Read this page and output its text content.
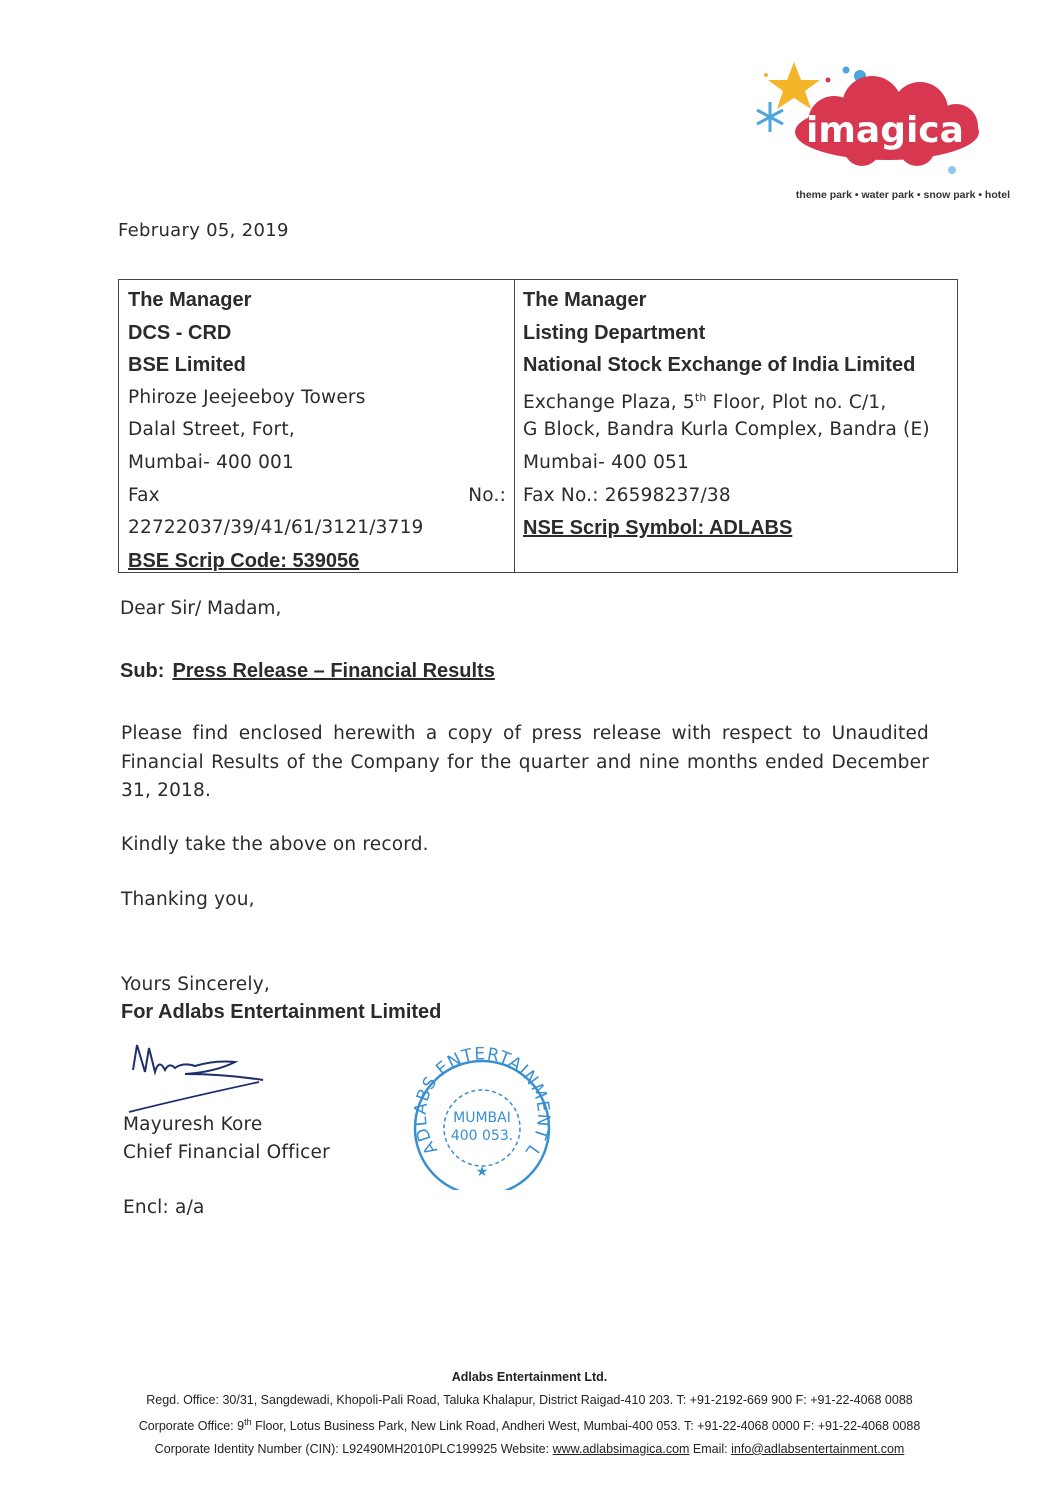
imagica
theme park • water park • snow park • hotel
February 05, 2019
The Manager
DCS - CRD
BSE Limited
Phiroze Jeejeeboy Towers
Dalal Street, Fort,
Mumbai- 400 001
Fax	No.:
22722037/39/41/61/3121/3719
BSE Scrip Code: 539056
The Manager
Listing Department
National Stock Exchange of India Limited
Exchange Plaza, 5th Floor, Plot no. C/1,
G Block, Bandra Kurla Complex, Bandra (E)
Mumbai- 400 051
Fax No.: 26598237/38
NSE Scrip Symbol: ADLABS
Dear Sir/ Madam,
Sub: Press Release – Financial Results
Please find enclosed herewith a copy of press release with respect to Unaudited Financial Results of the Company for the quarter and nine months ended December 31, 2018.
Kindly take the above on record.
Thanking you,
Yours Sincerely,
For Adlabs Entertainment Limited
Mayuresh Kore
Chief Financial Officer
Encl: a/a
ADLABS ENTERTAINMENT L
MUMBAI
400 053.
★
Adlabs Entertainment Ltd.
Regd. Office: 30/31, Sangdewadi, Khopoli-Pali Road, Taluka Khalapur, District Raigad-410 203. T: +91-2192-669 900 F: +91-22-4068 0088
Corporate Office: 9th Floor, Lotus Business Park, New Link Road, Andheri West, Mumbai-400 053. T: +91-22-4068 0000 F: +91-22-4068 0088
Corporate Identity Number (CIN): L92490MH2010PLC199925 Website: www.adlabsimagica.com Email: info@adlabsentertainment.com
